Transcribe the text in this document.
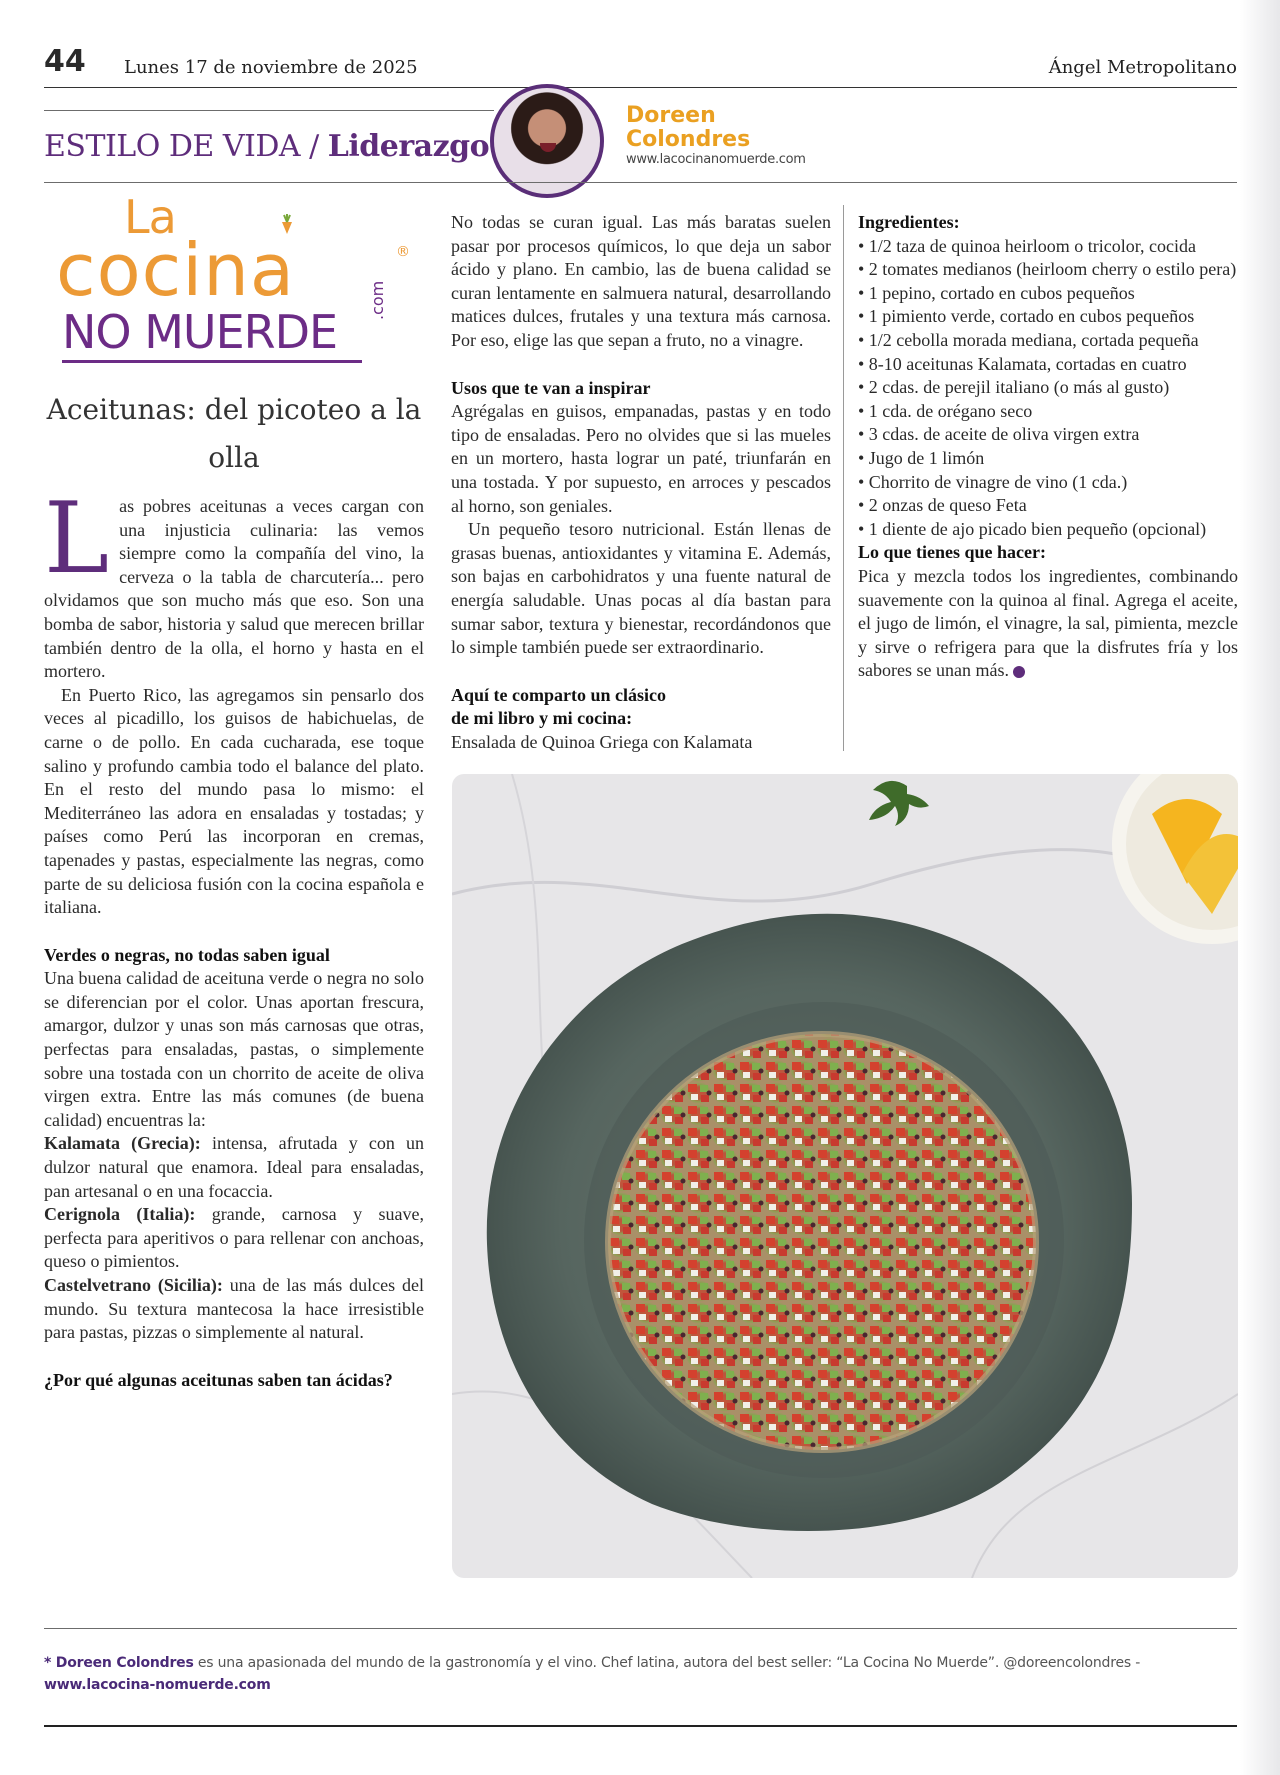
44 Lunes 17 de noviembre de 2025	Ángel Metropolitano
ESTILO DE VIDA / Liderazgo
Doreen Colondres
www.lacocinanomuerde.com
La
cocina	®
NO MUERDE
.com
Aceitunas: del picoteo a la olla

Las pobres aceitunas a veces cargan con una injusticia culinaria: las vemos siempre como la compañía del vino, la cerveza o la tabla de charcutería... pero olvidamos que son mucho más que eso. Son una bomba de sabor, historia y salud que merecen brillar también dentro de la olla, el horno y hasta en el mortero.

En Puerto Rico, las agregamos sin pensarlo dos veces al picadillo, los guisos de habichuelas, de carne o de pollo. En cada cucharada, ese toque salino y profundo cambia todo el balance del plato. En el resto del mundo pasa lo mismo: el Mediterráneo las adora en ensaladas y tostadas; y países como Perú las incorporan en cremas, tapenades y pastas, especialmente las negras, como parte de su deliciosa fusión con la cocina española e italiana.

Verdes o negras, no todas saben igual

Una buena calidad de aceituna verde o negra no solo se diferencian por el color. Unas aportan frescura, amargor, dulzor y unas son más carnosas que otras, perfectas para ensaladas, pastas, o simplemente sobre una tostada con un chorrito de aceite de oliva virgen extra. Entre las más comunes (de buena calidad) encuentras la:

Kalamata (Grecia): intensa, afrutada y con un dulzor natural que enamora. Ideal para ensaladas, pan artesanal o en una focaccia.

Cerignola (Italia): grande, carnosa y suave, perfecta para aperitivos o para rellenar con anchoas, queso o pimientos.

Castelvetrano (Sicilia): una de las más dulces del mundo. Su textura mantecosa la hace irresistible para pastas, pizzas o simplemente al natural.

¿Por qué algunas aceitunas saben tan ácidas?

No todas se curan igual. Las más baratas suelen pasar por procesos químicos, lo que deja un sabor ácido y plano. En cambio, las de buena calidad se curan lentamente en salmuera natural, desarrollando matices dulces, frutales y una textura más carnosa. Por eso, elige las que sepan a fruto, no a vinagre.

Usos que te van a inspirar

Agrégalas en guisos, empanadas, pastas y en todo tipo de ensaladas. Pero no olvides que si las mueles en un mortero, hasta lograr un paté, triunfarán en una tostada. Y por supuesto, en arroces y pescados al horno, son geniales.

Un pequeño tesoro nutricional. Están llenas de grasas buenas, antioxidantes y vitamina E. Además, son bajas en carbohidratos y una fuente natural de energía saludable. Unas pocas al día bastan para sumar sabor, textura y bienestar, recordándonos que lo simple también puede ser extraordinario.

Aquí te comparto un clásico

de mi libro y mi cocina:

Ensalada de Quinoa Griega con Kalamata

Ingredientes:

• 1/2 taza de quinoa heirloom o tricolor, cocida
• 2 tomates medianos (heirloom cherry o estilo pera)
• 1 pepino, cortado en cubos pequeños
• 1 pimiento verde, cortado en cubos pequeños
• 1/2 cebolla morada mediana, cortada pequeña
• 8-10 aceitunas Kalamata, cortadas en cuatro
• 2 cdas. de perejil italiano (o más al gusto)
• 1 cda. de orégano seco
• 3 cdas. de aceite de oliva virgen extra
• Jugo de 1 limón
• Chorrito de vinagre de vino (1 cda.)
• 2 onzas de queso Feta
• 1 diente de ajo picado bien pequeño (opcional)

Lo que tienes que hacer:

Pica y mezcla todos los ingredientes, combinando suavemente con la quinoa al final. Agrega el aceite, el jugo de limón, el vinagre, la sal, pimienta, mezcle y sirve o refrigera para que la disfrutes fría y los sabores se unan más.

* Doreen Colondres es una apasionada del mundo de la gastronomía y el vino. Chef latina, autora del best seller: “La Cocina No Muerde”. @doreencolondres - www.lacocina-nomuerde.com
